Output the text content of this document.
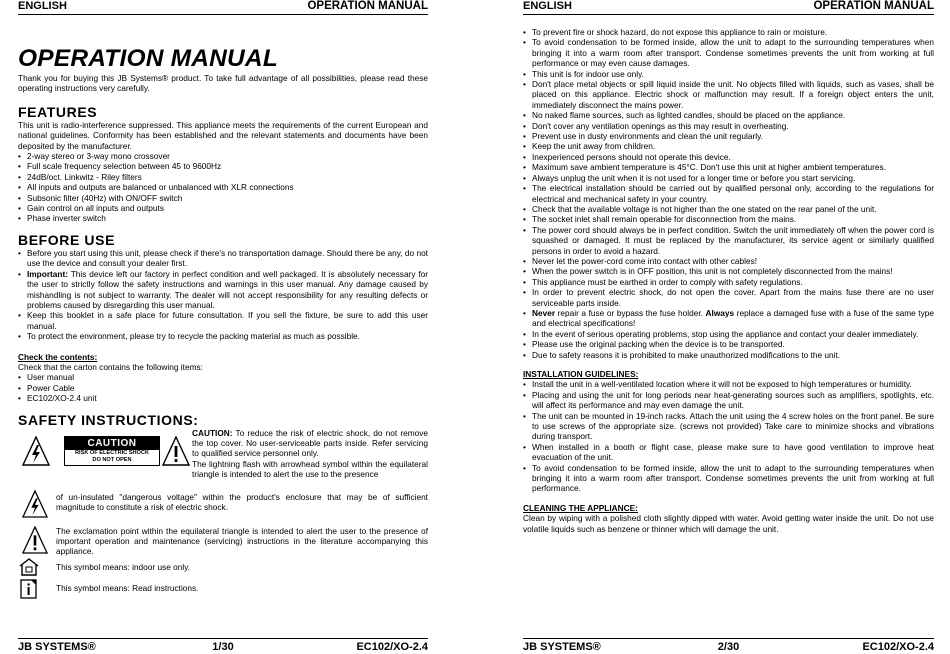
ENGLISH	OPERATION MANUAL
OPERATION MANUAL

Thank you for buying this JB Systems® product. To take full advantage of all possibilities, please read these operating instructions very carefully.

FEATURES

This unit is radio-interference suppressed. This appliance meets the requirements of the current European and national guidelines. Conformity has been established and the relevant statements and documents have been deposited by the manufacturer.

• 2-way stereo or 3-way mono crossover
• Full scale frequency selection between 45 to 9600Hz
• 24dB/oct. Linkwitz - Riley filters
• All inputs and outputs are balanced or unbalanced with XLR connections
• Subsonic filter (40Hz) with ON/OFF switch
• Gain control on all inputs and outputs
• Phase inverter switch
BEFORE USE
• Before you start using this unit, please check if there's no transportation damage. Should there be any, do not use the device and consult your dealer first.
• Important: This device left our factory in perfect condition and well packaged. It is absolutely necessary for the user to strictly follow the safety instructions and warnings in this user manual. Any damage caused by mishandling is not subject to warranty. The dealer will not accept responsibility for any resulting defects or problems caused by disregarding this user manual.
• Keep this booklet in a safe place for future consultation. If you sell the fixture, be sure to add this user manual.
• To protect the environment, please try to recycle the packing material as much as possible.
Check the contents:

Check that the carton contains the following items:

• User manual
• Power Cable
• EC102/XO-2.4 unit
SAFETY INSTRUCTIONS:
CAUTION
RISK OF ELECTRIC SHOCK
DO NOT OPEN

CAUTION: To reduce the risk of electric shock, do not remove the top cover. No user-serviceable parts inside. Refer servicing to qualified service personnel only.

The lightning flash with arrowhead symbol within the equilateral triangle is intended to alert the use to the presence

of un-insulated "dangerous voltage" within the product's enclosure that may be of sufficient magnitude to constitute a risk of electric shock.

The exclamation point within the equilateral triangle is intended to alert the user to the presence of important operation and maintenance (servicing) instructions in the literature accompanying this appliance.

This symbol means: indoor use only.

This symbol means: Read instructions.

JB SYSTEMS®	1/30	EC102/XO-2.4
ENGLISH	OPERATION MANUAL
• To prevent fire or shock hazard, do not expose this appliance to rain or moisture.
• To avoid condensation to be formed inside, allow the unit to adapt to the surrounding temperatures when bringing it into a warm room after transport. Condense sometimes prevents the unit from working at full performance or may even cause damages.
• This unit is for indoor use only.
• Don't place metal objects or spill liquid inside the unit. No objects filled with liquids, such as vases, shall be placed on this appliance. Electric shock or malfunction may result. If a foreign object enters the unit, immediately disconnect the mains power.
• No naked flame sources, such as lighted candles, should be placed on the appliance.
• Don't cover any ventilation openings as this may result in overheating.
• Prevent use in dusty environments and clean the unit regularly.
• Keep the unit away from children.
• Inexperienced persons should not operate this device.
• Maximum save ambient temperature is 45°C. Don't use this unit at higher ambient temperatures.
• Always unplug the unit when it is not used for a longer time or before you start servicing.
• The electrical installation should be carried out by qualified personal only, according to the regulations for electrical and mechanical safety in your country.
• Check that the available voltage is not higher than the one stated on the rear panel of the unit.
• The socket inlet shall remain operable for disconnection from the mains.
• The power cord should always be in perfect condition. Switch the unit immediately off when the power cord is squashed or damaged. It must be replaced by the manufacturer, its service agent or similarly qualified persons in order to avoid a hazard.
• Never let the power-cord come into contact with other cables!
• When the power switch is in OFF position, this unit is not completely disconnected from the mains!
• This appliance must be earthed in order to comply with safety regulations.
• In order to prevent electric shock, do not open the cover. Apart from the mains fuse there are no user serviceable parts inside.
• Never repair a fuse or bypass the fuse holder. Always replace a damaged fuse with a fuse of the same type and electrical specifications!
• In the event of serious operating problems, stop using the appliance and contact your dealer immediately.
• Please use the original packing when the device is to be transported.
• Due to safety reasons it is prohibited to make unauthorized modifications to the unit.
INSTALLATION GUIDELINES:
• Install the unit in a well-ventilated location where it will not be exposed to high temperatures or humidity.
• Placing and using the unit for long periods near heat-generating sources such as amplifiers, spotlights, etc. will affect its performance and may even damage the unit.
• The unit can be mounted in 19-inch racks. Attach the unit using the 4 screw holes on the front panel. Be sure to use screws of the appropriate size. (screws not provided) Take care to minimize shocks and vibrations during transport.
• When installed in a booth or flight case, please make sure to have good ventilation to improve heat evacuation of the unit.
• To avoid condensation to be formed inside, allow the unit to adapt to the surrounding temperatures when bringing it into a warm room after transport. Condense sometimes prevents the unit from working at full performance.
CLEANING THE APPLIANCE:

Clean by wiping with a polished cloth slightly dipped with water. Avoid getting water inside the unit. Do not use volatile liquids such as benzene or thinner which will damage the unit.

JB SYSTEMS®	2/30	EC102/XO-2.4
